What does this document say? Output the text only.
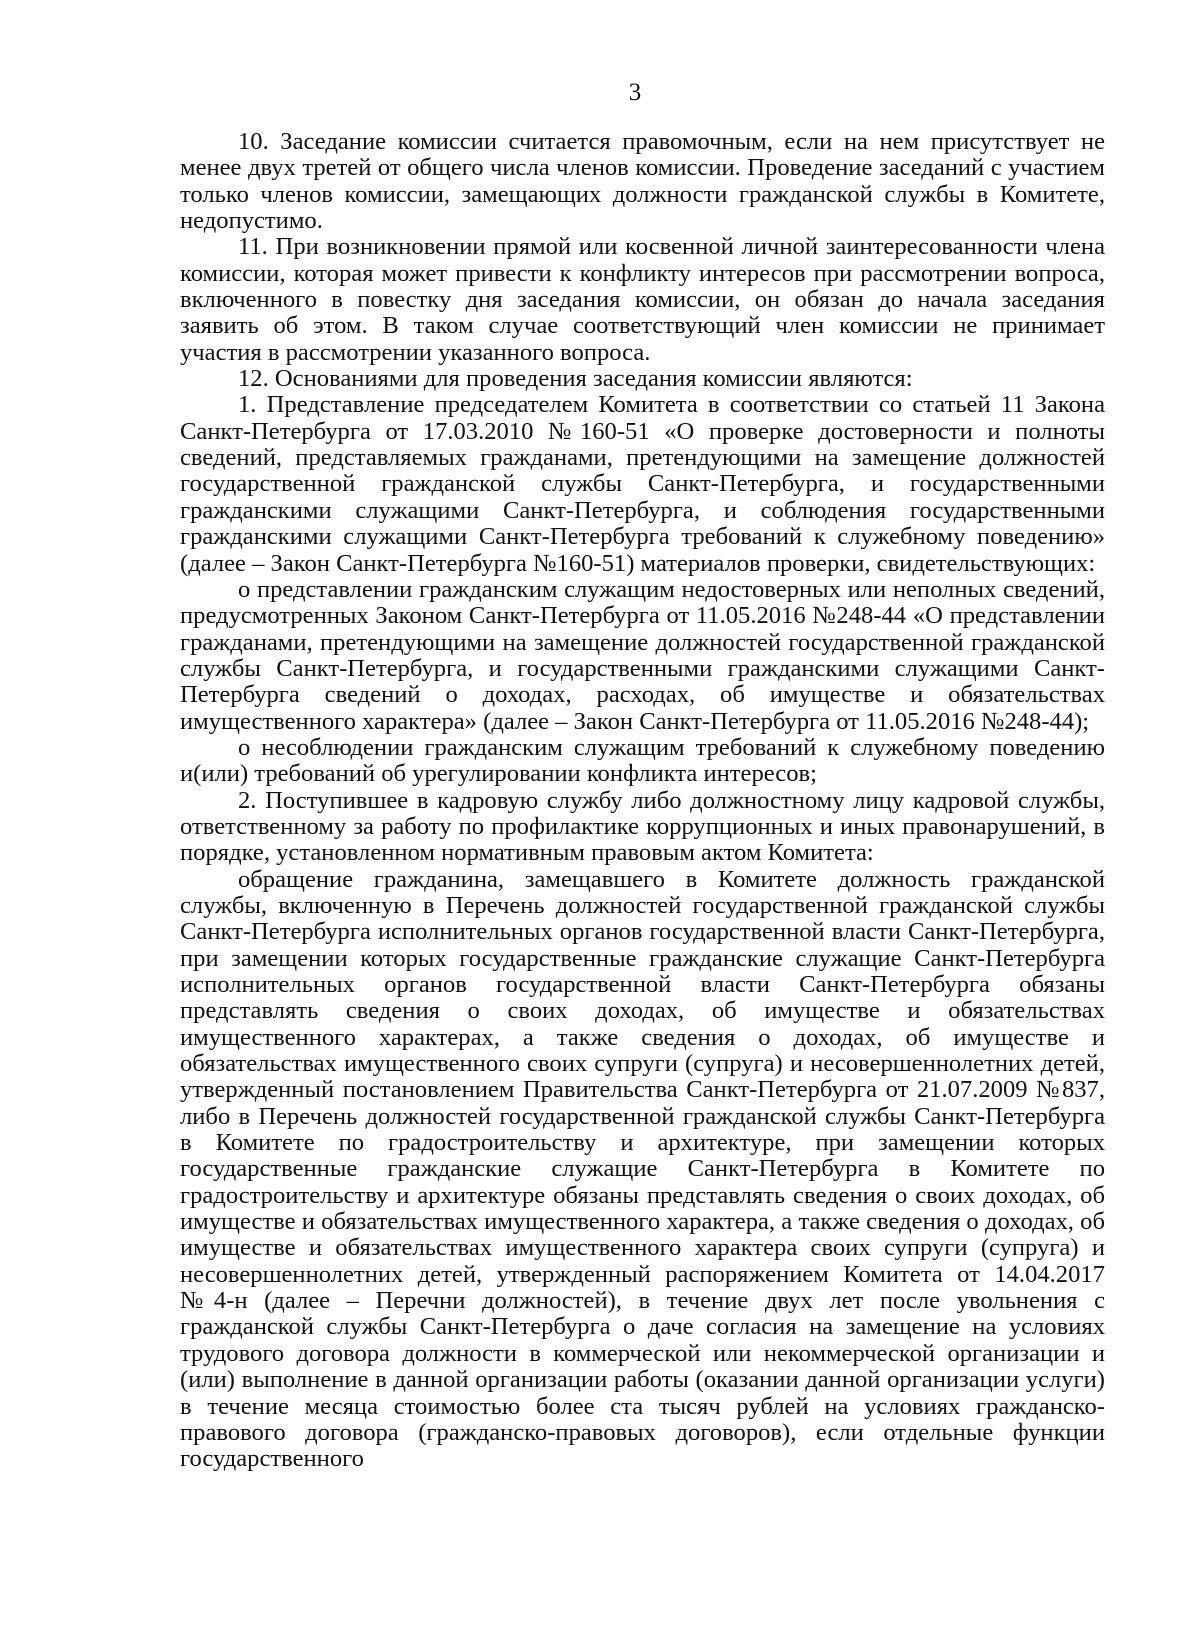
3

10. Заседание комиссии считается правомочным, если на нем присутствует не менее двух третей от общего числа членов комиссии. Проведение заседаний с участием только членов комиссии, замещающих должности гражданской службы в Комитете, недопустимо.

11. При возникновении прямой или косвенной личной заинтересованности члена комиссии, которая может привести к конфликту интересов при рассмотрении вопроса, включенного в повестку дня заседания комиссии, он обязан до начала заседания заявить об этом. В таком случае соответствующий член комиссии не принимает участия в рассмотрении указанного вопроса.

12. Основаниями для проведения заседания комиссии являются:

1. Представление председателем Комитета в соответствии со статьей 11 Закона Санкт-Петербурга от 17.03.2010 №160-51 «О проверке достоверности и полноты сведений, представляемых гражданами, претендующими на замещение должностей государственной гражданской службы Санкт-Петербурга, и государственными гражданскими служащими Санкт-Петербурга, и соблюдения государственными гражданскими служащими Санкт-Петербурга требований к служебному поведению» (далее – Закон Санкт-Петербурга №160-51) материалов проверки, свидетельствующих:

о представлении гражданским служащим недостоверных или неполных сведений, предусмотренных Законом Санкт-Петербурга от 11.05.2016 №248-44 «О представлении гражданами, претендующими на замещение должностей государственной гражданской службы Санкт-Петербурга, и государственными гражданскими служащими Санкт-Петербурга сведений о доходах, расходах, об имуществе и обязательствах имущественного характера» (далее – Закон Санкт-Петербурга от 11.05.2016 №248-44);

о несоблюдении гражданским служащим требований к служебному поведению и(или) требований об урегулировании конфликта интересов;

2. Поступившее в кадровую службу либо должностному лицу кадровой службы, ответственному за работу по профилактике коррупционных и иных правонарушений, в порядке, установленном нормативным правовым актом Комитета:

обращение гражданина, замещавшего в Комитете должность гражданской службы, включенную в Перечень должностей государственной гражданской службы Санкт-Петербурга исполнительных органов государственной власти Санкт-Петербурга, при замещении которых государственные гражданские служащие Санкт-Петербурга исполнительных органов государственной власти Санкт-Петербурга обязаны представлять сведения о своих доходах, об имуществе и обязательствах имущественного характерах, а также сведения о доходах, об имуществе и обязательствах имущественного своих супруги (супруга) и несовершеннолетних детей, утвержденный постановлением Правительства Санкт-Петербурга от 21.07.2009 №837, либо в Перечень должностей государственной гражданской службы Санкт-Петербурга в Комитете по градостроительству и архитектуре, при замещении которых государственные гражданские служащие Санкт-Петербурга в Комитете по градостроительству и архитектуре обязаны представлять сведения о своих доходах, об имуществе и обязательствах имущественного характера, а также сведения о доходах, об имуществе и обязательствах имущественного характера своих супруги (супруга) и несовершеннолетних детей, утвержденный распоряжением Комитета от 14.04.2017 №4-н (далее – Перечни должностей), в течение двух лет после увольнения с гражданской службы Санкт-Петербурга о даче согласия на замещение на условиях трудового договора должности в коммерческой или некоммерческой организации и (или) выполнение в данной организации работы (оказании данной организации услуги) в течение месяца стоимостью более ста тысяч рублей на условиях гражданско-правового договора (гражданско-правовых договоров), если отдельные функции государственного
